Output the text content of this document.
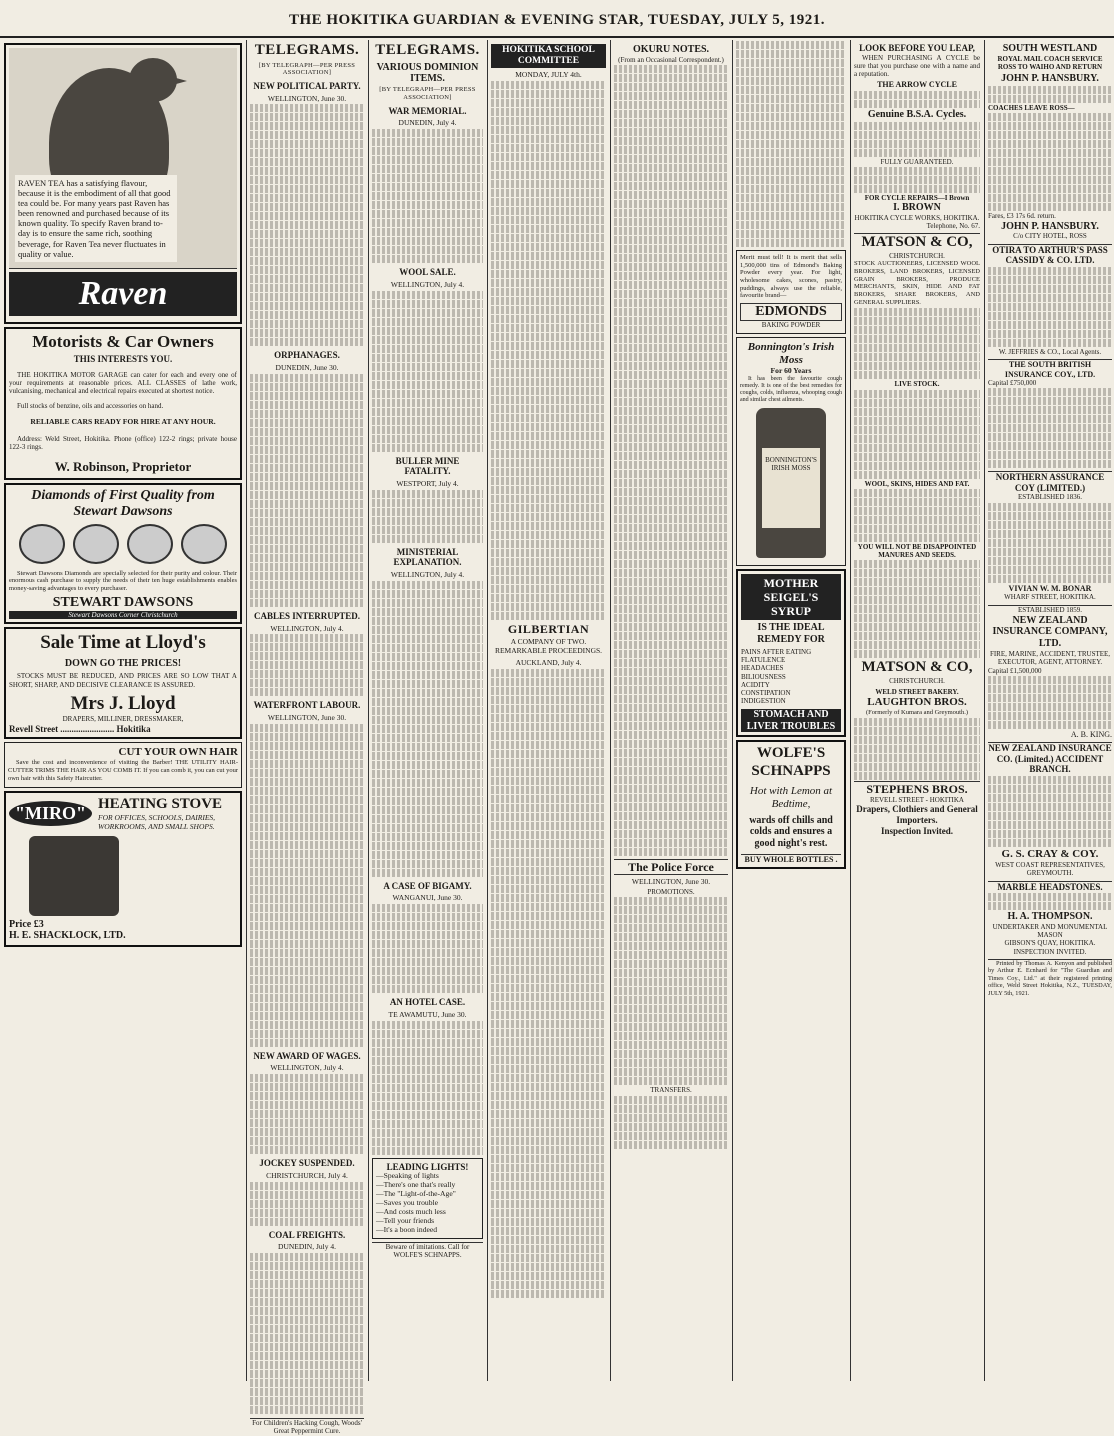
THE HOKITIKA GUARDIAN & EVENING STAR, TUESDAY, JULY 5, 1921.
RAVEN TEA has a satisfying flavour, because it is the embodiment of all that good tea could be. For many years past Raven has been renowned and purchased because of its known quality. To specify Raven brand to-day is to ensure the same rich, soothing beverage, for Raven Tea never fluctuates in quality or value.
Raven
Motorists & Car Owners
THIS INTERESTS YOU.

THE HOKITIKA MOTOR GARAGE can cater for each and every one of your requirements at reasonable prices. ALL CLASSES of lathe work, vulcanising, mechanical and electrical repairs executed at shortest notice.

Full stocks of benzine, oils and accessories on hand.

RELIABLE CARS READY FOR HIRE AT ANY HOUR.

Address: Weld Street, Hokitika. Phone (office) 122-2 rings; private house 122-3 rings.

W. Robinson, Proprietor
Diamonds of First Quality from Stewart Dawsons

Stewart Dawsons Diamonds are specially selected for their purity and colour. Their enormous cash purchase to supply the needs of their ten huge establishments enables money-saving advantages to every purchaser.

STEWART DAWSONS
Stewart Dawsons Corner Christchurch
Sale Time at Lloyd's
DOWN GO THE PRICES!

STOCKS MUST BE REDUCED, AND PRICES ARE SO LOW THAT A SHORT, SHARP, AND DECISIVE CLEARANCE IS ASSURED.

Mrs J. Lloyd
DRAPERS, MILLINER, DRESSMAKER,
Revell Street ........................ Hokitika
CUT YOUR OWN HAIR

Save the cost and inconvenience of visiting the Barber! THE UTILITY HAIR-CUTTER TRIMS THE HAIR AS YOU COMB IT. If you can comb it, you can cut your own hair with this Safety Haircutter.

"MIRO" HEATING STOVE
FOR OFFICES, SCHOOLS, DAIRIES, WORKROOMS, AND SMALL SHOPS.
Price £3
H. E. SHACKLOCK, LTD.
TELEGRAMS.
[BY TELEGRAPH—PER PRESS ASSOCIATION]
NEW POLITICAL PARTY.
WELLINGTON, June 30.
ORPHANAGES.
DUNEDIN, June 30.
CABLES INTERRUPTED.
WELLINGTON, July 4.
WATERFRONT LABOUR.
WELLINGTON, June 30.
NEW AWARD OF WAGES.
WELLINGTON, July 4.
JOCKEY SUSPENDED.
CHRISTCHURCH, July 4.
COAL FREIGHTS.
DUNEDIN, July 4.
For Children's Hacking Cough, Woods' Great Peppermint Cure.
TELEGRAMS.
VARIOUS DOMINION ITEMS.
[BY TELEGRAPH—PER PRESS ASSOCIATION]
WAR MEMORIAL.
DUNEDIN, July 4.
WOOL SALE.
WELLINGTON, July 4.
BULLER MINE FATALITY.
WESTPORT, July 4.
MINISTERIAL EXPLANATION.
WELLINGTON, July 4.
A CASE OF BIGAMY.
WANGANUI, June 30.
AN HOTEL CASE.
TE AWAMUTU, June 30.
LEADING LIGHTS!
—Speaking of lights
—There's one that's really
—The "Light-of-the-Age"
—Saves you trouble
—And costs much less
—Tell your friends
—It's a boon indeed
Beware of imitations. Call for WOLFE'S SCHNAPPS.
HOKITIKA SCHOOL COMMITTEE
MONDAY, JULY 4th.
GILBERTIAN
A COMPANY OF TWO.
REMARKABLE PROCEEDINGS.
AUCKLAND, July 4.
OKURU NOTES.
(From an Occasional Correspondent.)
The Police Force
WELLINGTON, June 30.
PROMOTIONS.
TRANSFERS.

Merit must tell! It is merit that sells 1,500,000 tins of Edmond's Baking Powder every year. For light, wholesome cakes, scones, pastry, puddings, always use the reliable, favourite brand—

EDMONDS
BAKING POWDER
Bonnington's Irish Moss
For 60 Years

It has been the favourite cough remedy. It is one of the best remedies for coughs, colds, influenza, whooping cough and similar chest ailments.

BONNINGTON'S
IRISH MOSS
MOTHER SEIGEL'S SYRUP
IS THE IDEAL REMEDY FOR
PAINS AFTER EATING
FLATULENCE
HEADACHES
BILIOUSNESS
ACIDITY
CONSTIPATION
INDIGESTION
STOMACH AND LIVER TROUBLES
WOLFE'S SCHNAPPS
Hot with Lemon at Bedtime,
wards off chills and colds and ensures a good night's rest.
BUY WHOLE BOTTLES .
LOOK BEFORE YOU LEAP,

WHEN PURCHASING A CYCLE be sure that you purchase one with a name and a reputation.

THE ARROW CYCLE
Genuine B.S.A. Cycles.
FULLY GUARANTEED.
FOR CYCLE REPAIRS—I Brown
I. BROWN
HOKITIKA CYCLE WORKS, HOKITIKA.
Telephone, No. 67.
MATSON & CO,
CHRISTCHURCH.

STOCK AUCTIONEERS, LICENSED WOOL BROKERS, LAND BROKERS, LICENSED GRAIN BROKERS, PRODUCE MERCHANTS, SKIN, HIDE AND FAT BROKERS, SHARE BROKERS, AND GENERAL SUPPLIERS.

LIVE STOCK.
WOOL, SKINS, HIDES AND FAT.
YOU WILL NOT BE DISAPPOINTED
MANURES AND SEEDS.
MATSON & CO,
CHRISTCHURCH.
WELD STREET BAKERY.
LAUGHTON BROS.
(Formerly of Kumara and Greymouth.)
STEPHENS BROS.
REVELL STREET - HOKITIKA
Drapers, Clothiers and General Importers.
Inspection Invited.
SOUTH WESTLAND
ROYAL MAIL COACH SERVICE
ROSS TO WAIHO AND RETURN
JOHN P. HANSBURY.
COACHES LEAVE ROSS—
Fares, £3 17s 6d. return.
JOHN P. HANSBURY.
C/o CITY HOTEL, ROSS
OTIRA TO ARTHUR'S PASS CASSIDY & CO. LTD.
W. JEFFRIES & CO., Local Agents.
THE SOUTH BRITISH INSURANCE COY., LTD.
Capital £750,000
NORTHERN ASSURANCE COY (LIMITED.)
ESTABLISHED 1836.
VIVIAN W. M. BONAR
WHARF STREET, HOKITIKA.
ESTABLISHED 1859.
NEW ZEALAND INSURANCE COMPANY, LTD.
FIRE, MARINE, ACCIDENT, TRUSTEE, EXECUTOR, AGENT, ATTORNEY.
Capital £1,500,000
A. B. KING.
NEW ZEALAND INSURANCE CO. (Limited.) ACCIDENT BRANCH.
G. S. CRAY & COY.
WEST COAST REPRESENTATIVES, GREYMOUTH.
MARBLE HEADSTONES.
H. A. THOMPSON.
UNDERTAKER AND MONUMENTAL MASON
GIBSON'S QUAY, HOKITIKA.
INSPECTION INVITED.

Printed by Thomas A. Kenyon and published by Arthur E. Ecnhard for "The Guardian and Times Coy., Ltd." at their registered printing office, Weld Street Hokitika, N.Z., TUESDAY, JULY 5th, 1921.
